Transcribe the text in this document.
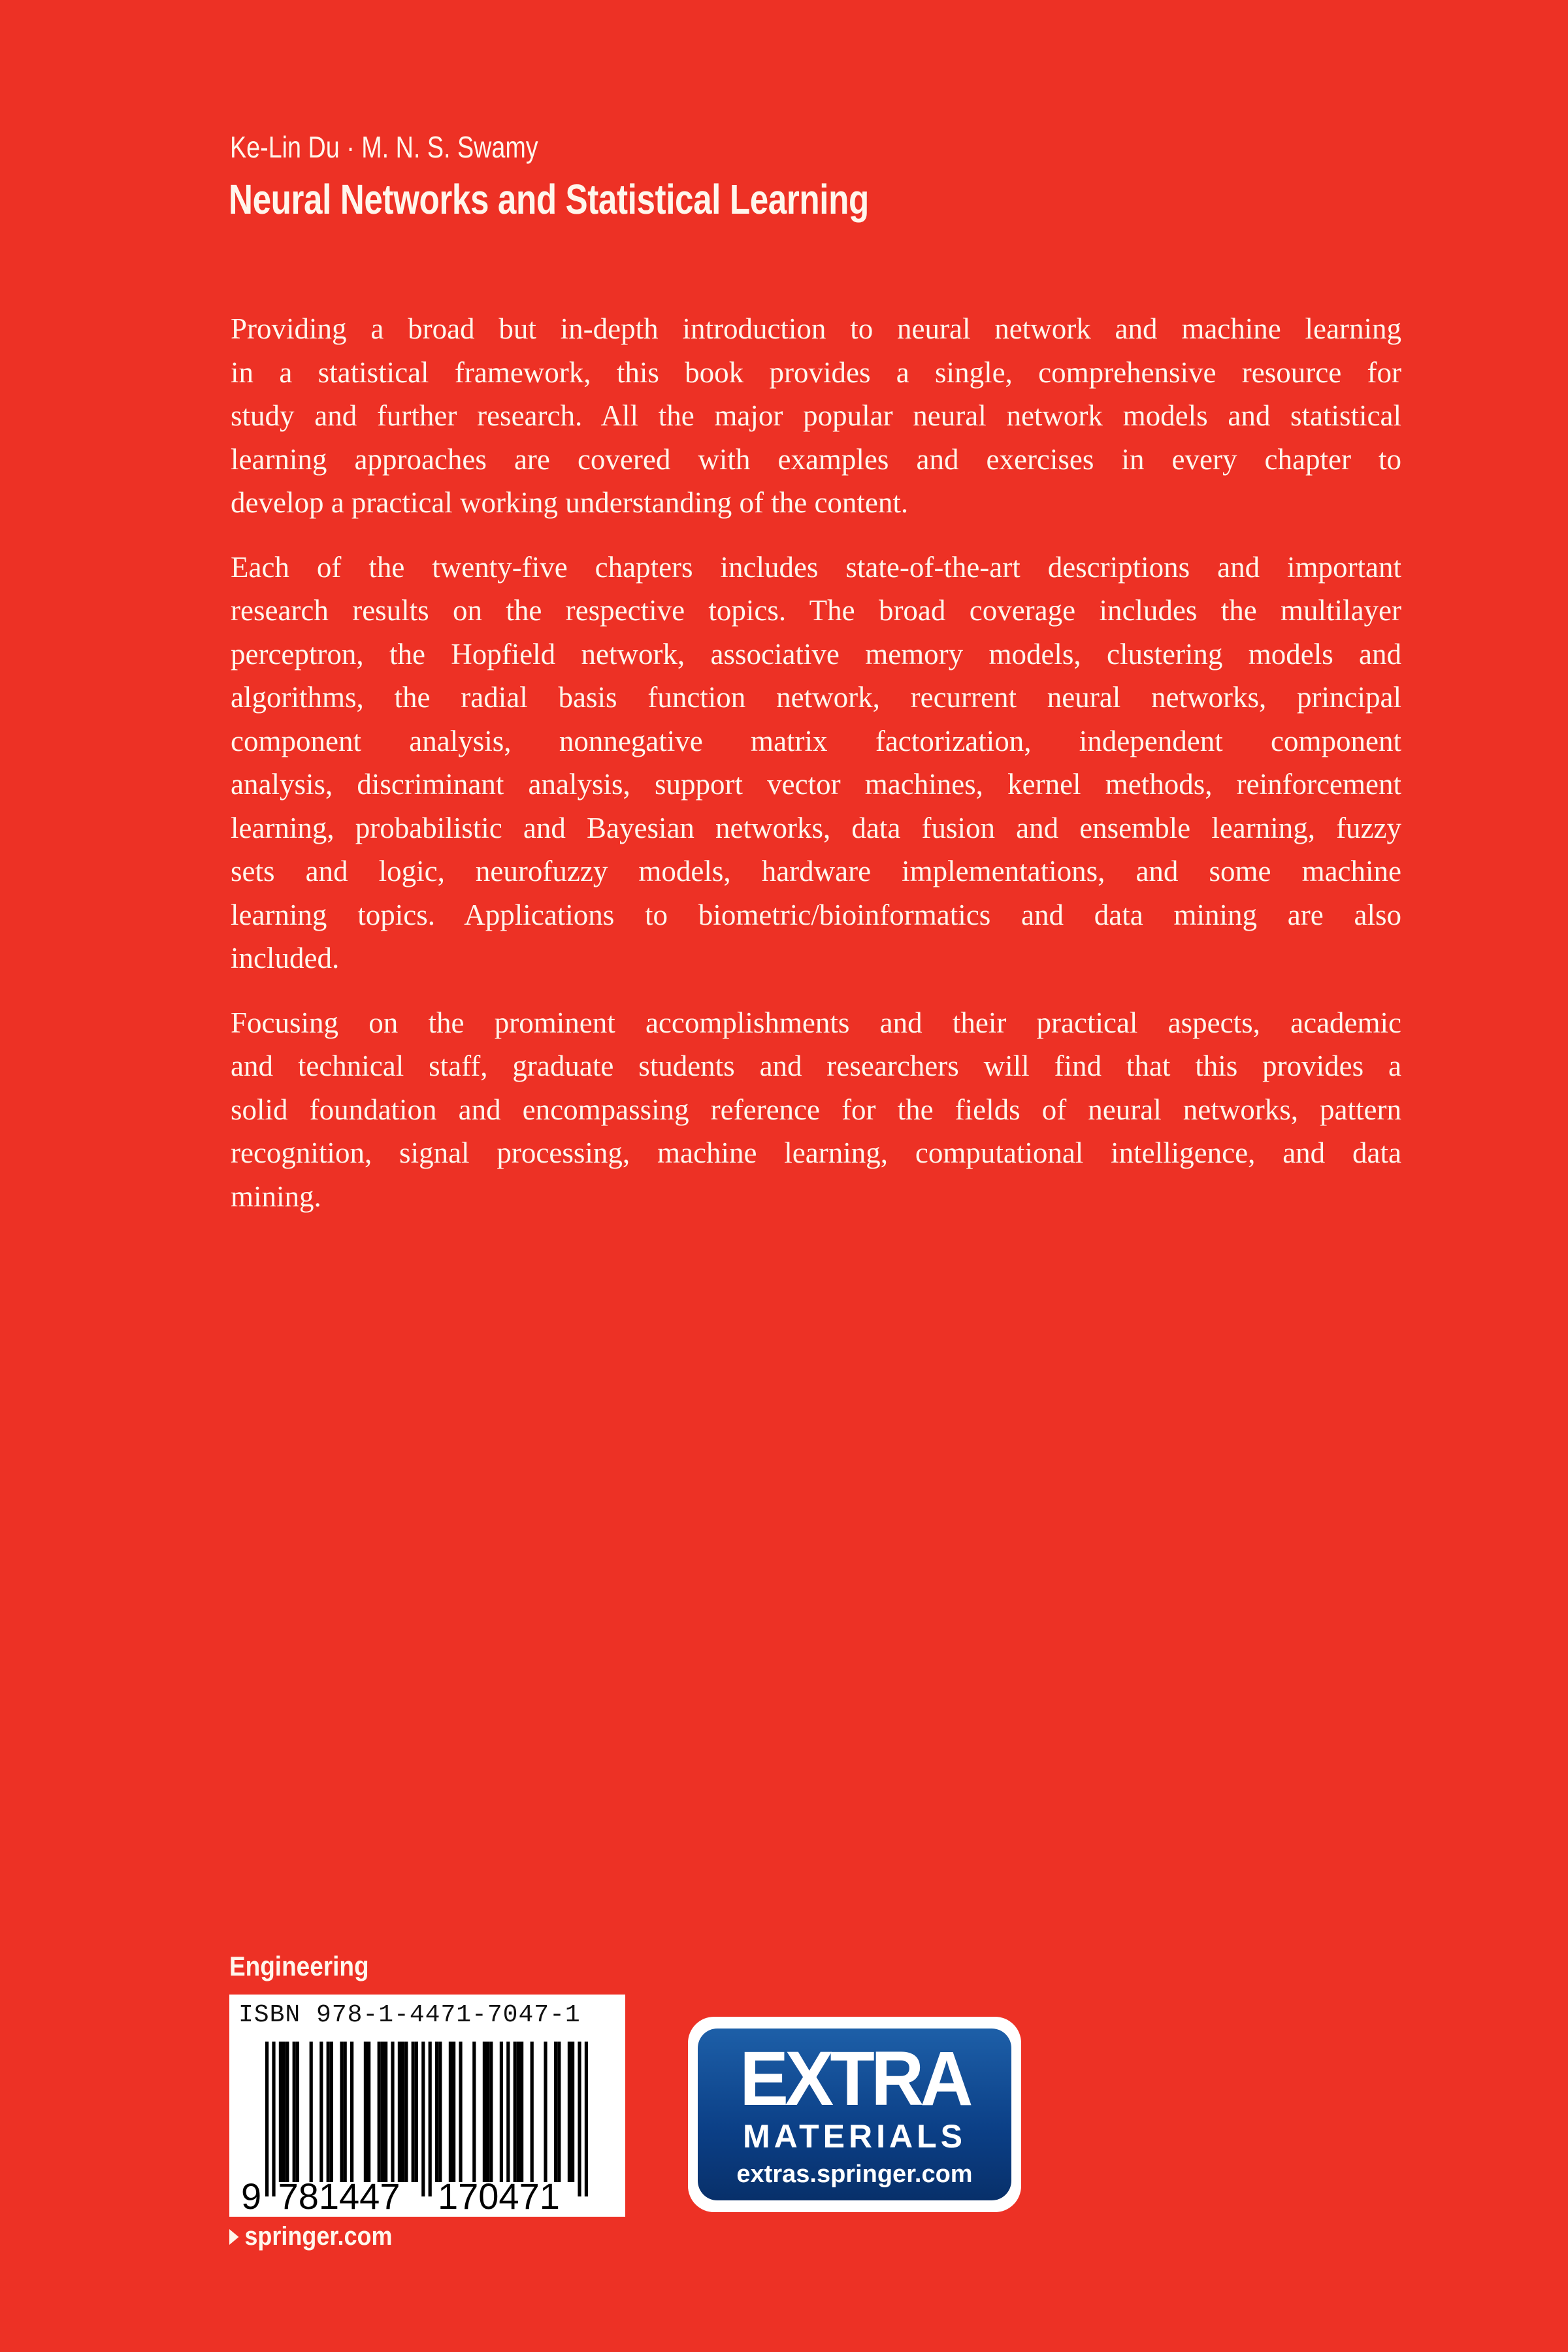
Ke-Lin Du · M. N. S. Swamy
Neural Networks and Statistical Learning
Providing a broad but in-depth introduction to neural network and machine learning
in a statistical framework, this book provides a single, comprehensive resource for
study and further research. All the major popular neural network models and statistical
learning approaches are covered with examples and exercises in every chapter to
develop a practical working understanding of the content.
Each of the twenty-five chapters includes state-of-the-art descriptions and important
research results on the respective topics. The broad coverage includes the multilayer
perceptron, the Hopfield network, associative memory models, clustering models and
algorithms, the radial basis function network, recurrent neural networks, principal
component analysis, nonnegative matrix factorization, independent component
analysis, discriminant analysis, support vector machines, kernel methods, reinforcement
learning, probabilistic and Bayesian networks, data fusion and ensemble learning, fuzzy
sets and logic, neurofuzzy models, hardware implementations, and some machine
learning topics. Applications to biometric/bioinformatics and data mining are also
included.
Focusing on the prominent accomplishments and their practical aspects, academic
and technical staff, graduate students and researchers will find that this provides a
solid foundation and encompassing reference for the fields of neural networks, pattern
recognition, signal processing, machine learning, computational intelligence, and data
mining.
Engineering
9 781447 170471
ISBN 978-1-4471-7047-1
springer.com
EXTRA
MATERIALS
extras.springer.com
